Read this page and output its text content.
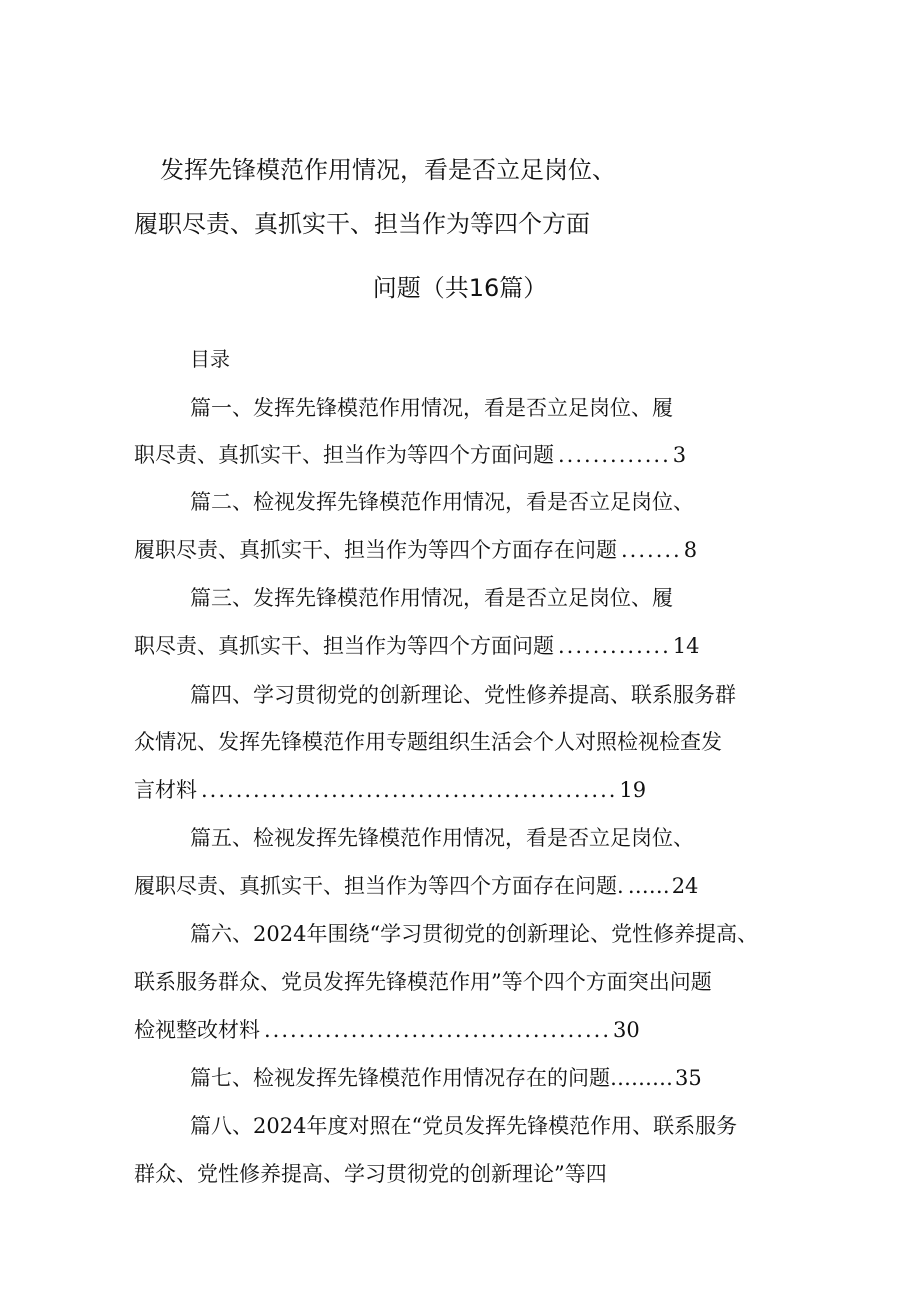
发挥先锋模范作用情况，看是否立足岗位、
履职尽责、真抓实干、担当作为等四个方面
问题（共16篇）
目录
篇一、发挥先锋模范作用情况，看是否立足岗位、履
职尽责、真抓实干、担当作为等四个方面问题 ............. 3
篇二、检视发挥先锋模范作用情况，看是否立足岗位、
履职尽责、真抓实干、担当作为等四个方面存在问题 ....... 8
篇三、发挥先锋模范作用情况，看是否立足岗位、履
职尽责、真抓实干、担当作为等四个方面问题 ............. 14
篇四、学习贯彻党的创新理论、党性修养提高、联系服务群
众情况、发挥先锋模范作用专题组织生活会个人对照检视检查发
言材料 ................................................ 19
篇五、检视发挥先锋模范作用情况，看是否立足岗位、
履职尽责、真抓实干、担当作为等四个方面存在问题. …… 24
篇六、2024年围绕“学习贯彻党的创新理论、党性修养提高、
联系服务群众、党员发挥先锋模范作用”等个四个方面突出问题
检视整改材料 ........................................ 30
篇七、检视发挥先锋模范作用情况存在的问题……… 35
篇八、2024年度对照在“党员发挥先锋模范作用、联系服务
群众、党性修养提高、学习贯彻党的创新理论”等四
